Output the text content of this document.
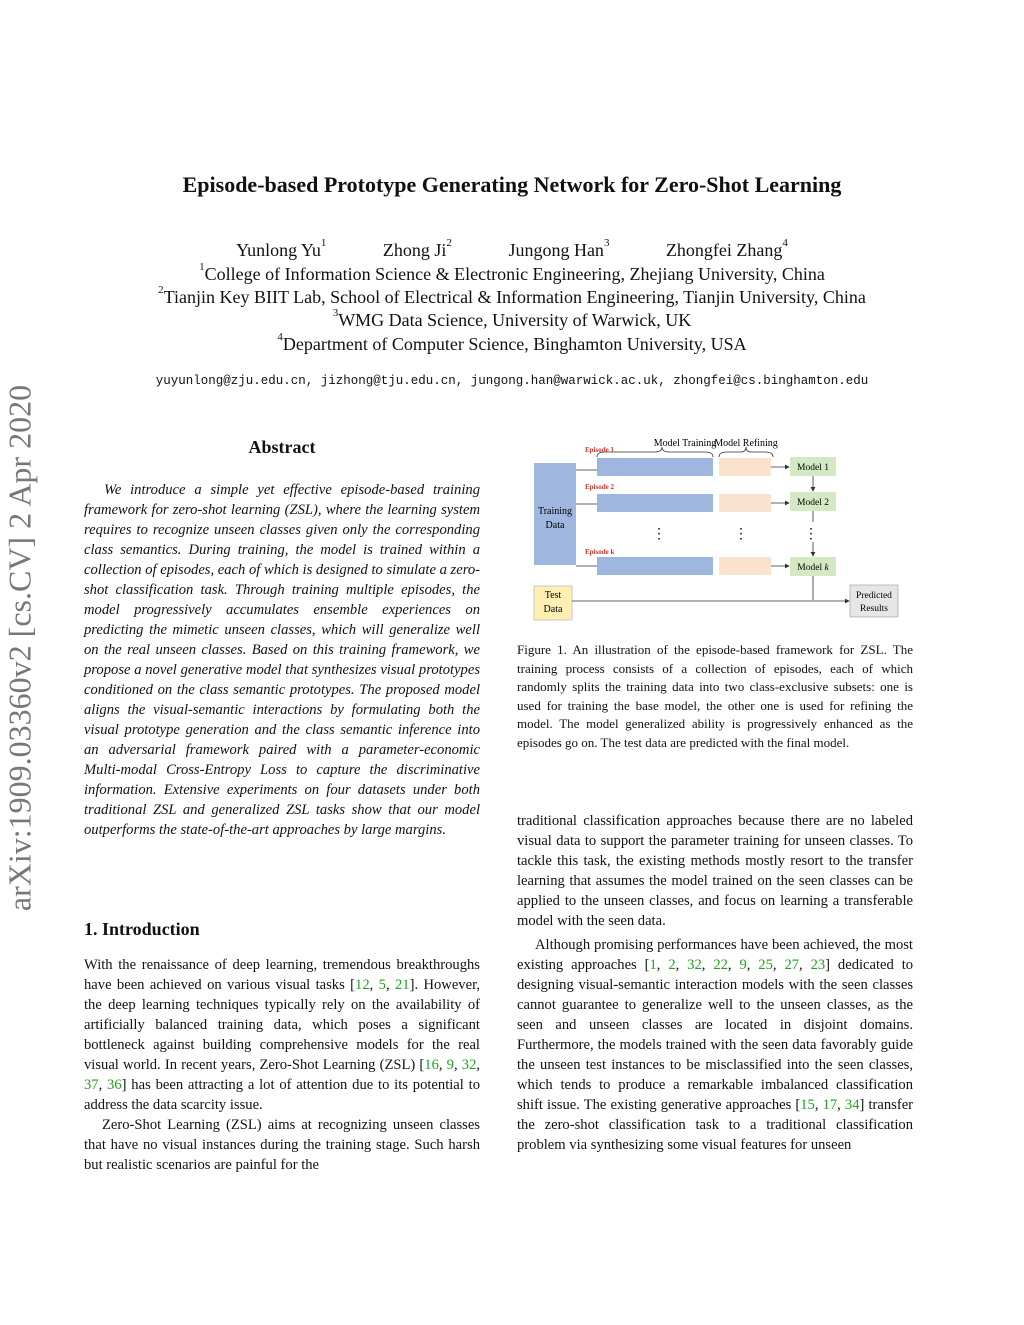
arXiv:1909.03360v2 [cs.CV] 2 Apr 2020
Episode-based Prototype Generating Network for Zero-Shot Learning
Yunlong Yu$^1$	Zhong Ji$^2$	Jungong Han$^3$	Zhongfei Zhang$^4$
$^1$College of Information Science & Electronic Engineering, Zhejiang University, China
$^2$Tianjin Key BIIT Lab, School of Electrical & Information Engineering, Tianjin University, China
$^3$WMG Data Science, University of Warwick, UK
$^4$Department of Computer Science, Binghamton University, USA
yuyunlong@zju.edu.cn, jizhong@tju.edu.cn, jungong.han@warwick.ac.uk, zhongfei@cs.binghamton.edu
Abstract

We introduce a simple yet effective episode-based training framework for zero-shot learning (ZSL), where the learning system requires to recognize unseen classes given only the corresponding class semantics. During training, the model is trained within a collection of episodes, each of which is designed to simulate a zero-shot classification task. Through training multiple episodes, the model progressively accumulates ensemble experiences on predicting the mimetic unseen classes, which will generalize well on the real unseen classes. Based on this training framework, we propose a novel generative model that synthesizes visual prototypes conditioned on the class semantic prototypes. The proposed model aligns the visual-semantic interactions by formulating both the visual prototype generation and the class semantic inference into an adversarial framework paired with a parameter-economic Multi-modal Cross-Entropy Loss to capture the discriminative information. Extensive experiments on four datasets under both traditional ZSL and generalized ZSL tasks show that our model outperforms the state-of-the-art approaches by large margins.

1. Introduction

With the renaissance of deep learning, tremendous breakthroughs have been achieved on various visual tasks [12, 5, 21]. However, the deep learning techniques typically rely on the availability of artificially balanced training data, which poses a significant bottleneck against building comprehensive models for the real visual world. In recent years, Zero-Shot Learning (ZSL) [16, 9, 32, 37, 36] has been attracting a lot of attention due to its potential to address the data scarcity issue.

Zero-Shot Learning (ZSL) aims at recognizing unseen classes that have no visual instances during the training stage. Such harsh but realistic scenarios are painful for the

Model Training
Model Refining
Training
Data
Episode 1
Episode 2
Episode k
⋮	⋮	⋮
Model 1
Model 2
Model k
Test
Data
Predicted
Results
Figure 1. An illustration of the episode-based framework for ZSL. The training process consists of a collection of episodes, each of which randomly splits the training data into two class-exclusive subsets: one is used for training the base model, the other one is used for refining the model. The model generalized ability is progressively enhanced as the episodes go on. The test data are predicted with the final model.

traditional classification approaches because there are no labeled visual data to support the parameter training for unseen classes. To tackle this task, the existing methods mostly resort to the transfer learning that assumes the model trained on the seen classes can be applied to the unseen classes, and focus on learning a transferable model with the seen data.

Although promising performances have been achieved, the most existing approaches [1, 2, 32, 22, 9, 25, 27, 23] dedicated to designing visual-semantic interaction models with the seen classes cannot guarantee to generalize well to the unseen classes, as the seen and unseen classes are located in disjoint domains. Furthermore, the models trained with the seen data favorably guide the unseen test instances to be misclassified into the seen classes, which tends to produce a remarkable imbalanced classification shift issue. The existing generative approaches [15, 17, 34] transfer the zero-shot classification task to a traditional classification problem via synthesizing some visual features for unseen
